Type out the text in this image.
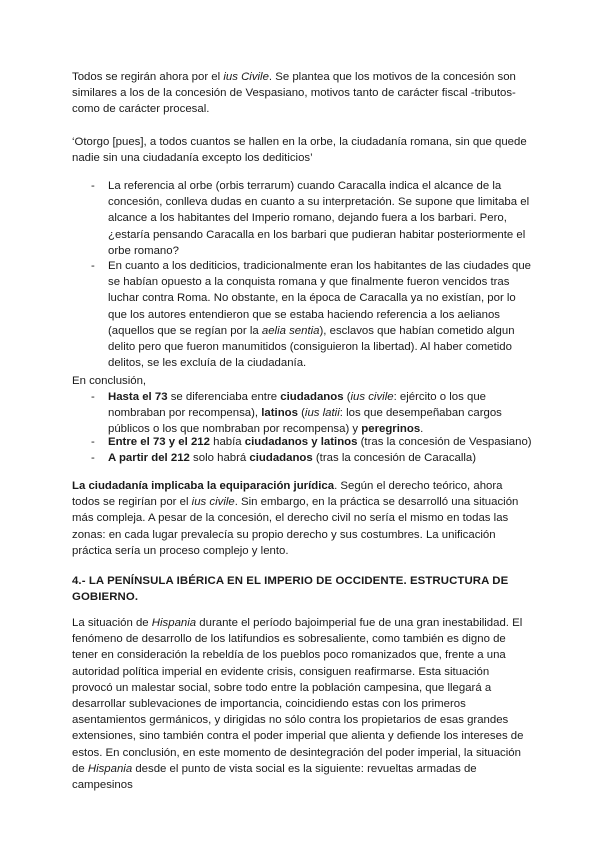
Todos se regirán ahora por el ius Civile. Se plantea que los motivos de la concesión son similares a los de la concesión de Vespasiano, motivos tanto de carácter fiscal -tributos- como de carácter procesal.

‘Otorgo [pues], a todos cuantos se hallen en la orbe, la ciudadanía romana, sin que quede nadie sin una ciudadanía excepto los dediticios’

- La referencia al orbe (orbis terrarum) cuando Caracalla indica el alcance de la concesión, conlleva dudas en cuanto a su interpretación. Se supone que limitaba el alcance a los habitantes del Imperio romano, dejando fuera a los barbari. Pero, ¿estaría pensando Caracalla en los barbari que pudieran habitar posteriormente el orbe romano?

- En cuanto a los dediticios, tradicionalmente eran los habitantes de las ciudades que se habían opuesto a la conquista romana y que finalmente fueron vencidos tras luchar contra Roma. No obstante, en la época de Caracalla ya no existían, por lo que los autores entendieron que se estaba haciendo referencia a los aelianos (aquellos que se regían por la aelia sentia), esclavos que habían cometido algun delito pero que fueron manumitidos (consiguieron la libertad). Al haber cometido delitos, se les excluía de la ciudadanía.

En conclusión,

- Hasta el 73 se diferenciaba entre ciudadanos (ius civile: ejército o los que nombraban por recompensa), latinos (ius latii: los que desempeñaban cargos públicos o los que nombraban por recompensa) y peregrinos.

- Entre el 73 y el 212 había ciudadanos y latinos (tras la concesión de Vespasiano)

- A partir del 212 solo habrá ciudadanos (tras la concesión de Caracalla)

La ciudadanía implicaba la equiparación jurídica. Según el derecho teórico, ahora todos se regirían por el ius civile. Sin embargo, en la práctica se desarrolló una situación más compleja. A pesar de la concesión, el derecho civil no sería el mismo en todas las zonas: en cada lugar prevalecía su propio derecho y sus costumbres. La unificación práctica sería un proceso complejo y lento.

4.- LA PENÍNSULA IBÉRICA EN EL IMPERIO DE OCCIDENTE. ESTRUCTURA DE GOBIERNO.

La situación de Hispania durante el período bajoimperial fue de una gran inestabilidad. El fenómeno de desarrollo de los latifundios es sobresaliente, como también es digno de tener en consideración la rebeldía de los pueblos poco romanizados que, frente a una autoridad política imperial en evidente crisis, consiguen reafirmarse. Esta situación provocó un malestar social, sobre todo entre la población campesina, que llegará a desarrollar sublevaciones de importancia, coincidiendo estas con los primeros asentamientos germánicos, y dirigidas no sólo contra los propietarios de esas grandes extensiones, sino también contra el poder imperial que alienta y defiende los intereses de estos. En conclusión, en este momento de desintegración del poder imperial, la situación de Hispania desde el punto de vista social es la siguiente: revueltas armadas de campesinos
